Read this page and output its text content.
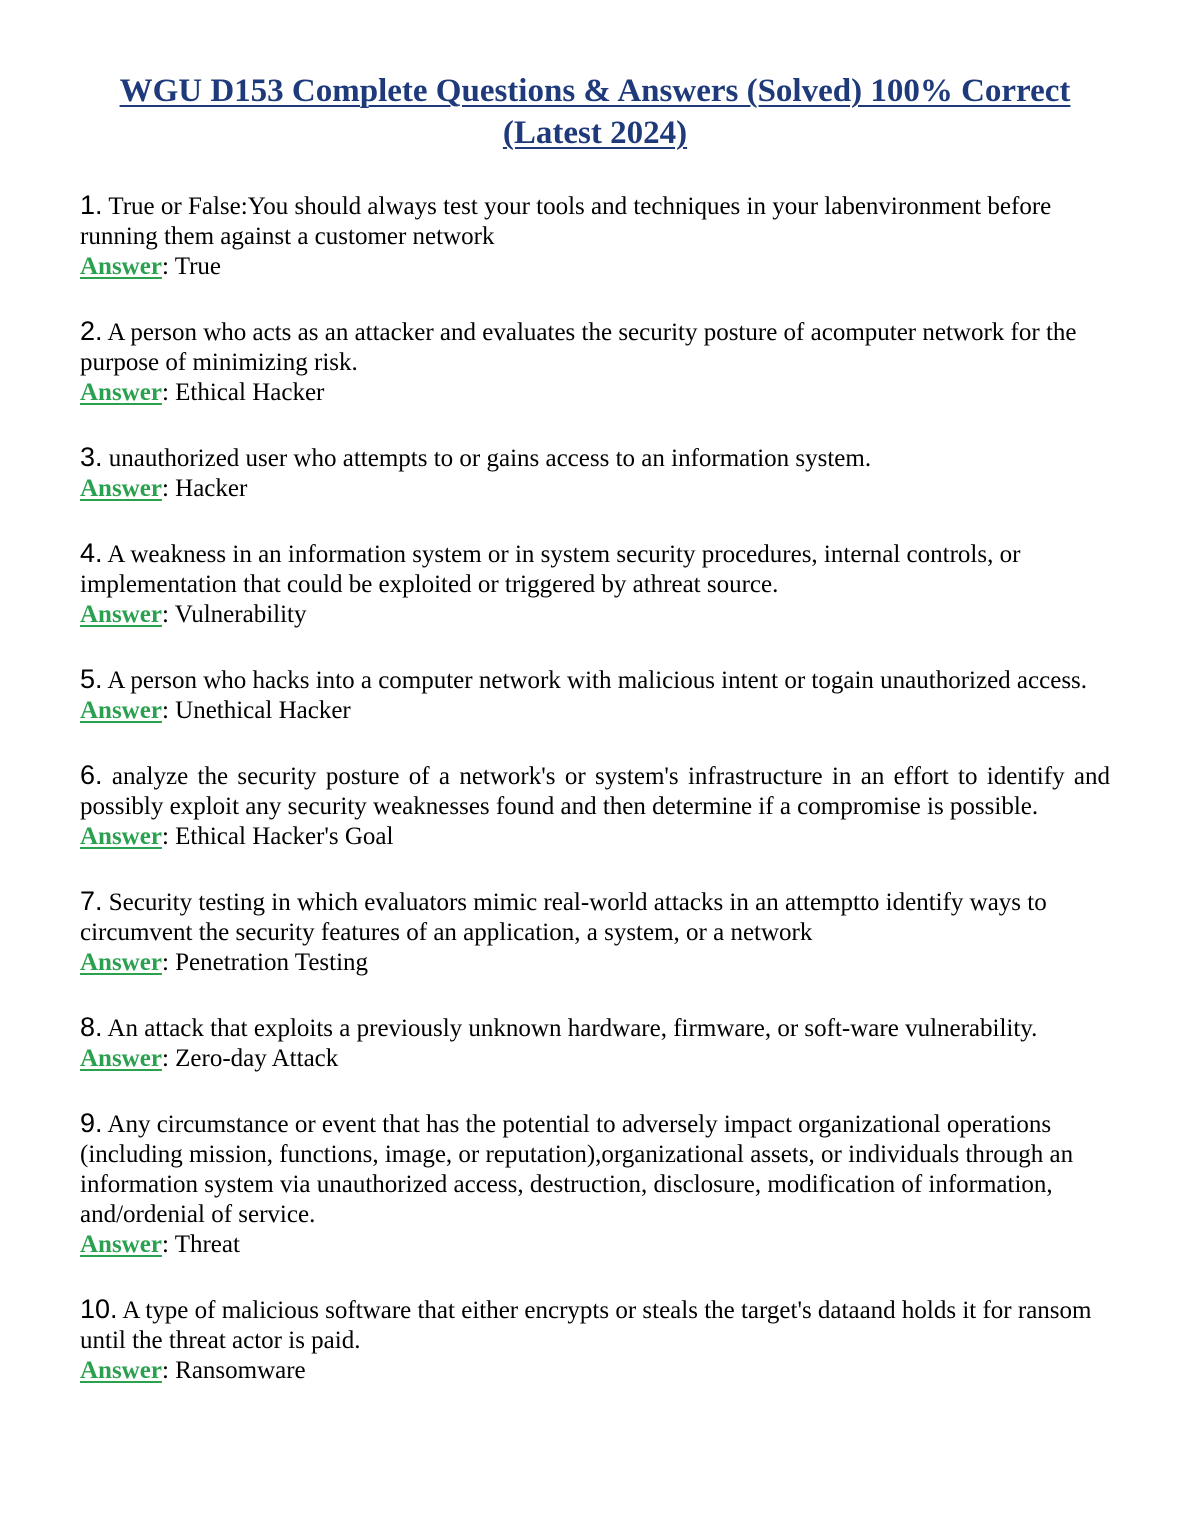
WGU D153 Complete Questions & Answers (Solved) 100% Correct
(Latest 2024)

1. True or False:You should always test your tools and techniques in your labenvironment before running them against a customer network

Answer: True

2. A person who acts as an attacker and evaluates the security posture of acomputer network for the purpose of minimizing risk.

Answer: Ethical Hacker

3. unauthorized user who attempts to or gains access to an information system.

Answer: Hacker

4. A weakness in an information system or in system security procedures, internal controls, or implementation that could be exploited or triggered by athreat source.

Answer: Vulnerability

5. A person who hacks into a computer network with malicious intent or togain unauthorized access.

Answer: Unethical Hacker

6. analyze the security posture of a network's or system's infrastructure in an effort to identify and possibly exploit any security weaknesses found and then determine if a compromise is possible.

Answer: Ethical Hacker's Goal

7. Security testing in which evaluators mimic real-world attacks in an attemptto identify ways to circumvent the security features of an application, a system, or a network

Answer: Penetration Testing

8. An attack that exploits a previously unknown hardware, firmware, or soft-ware vulnerability.

Answer: Zero-day Attack

9. Any circumstance or event that has the potential to adversely impact organizational operations (including mission, functions, image, or reputation),organizational assets, or individuals through an information system via unauthorized access, destruction, disclosure, modification of information, and/ordenial of service.

Answer: Threat

10. A type of malicious software that either encrypts or steals the target's dataand holds it for ransom until the threat actor is paid.

Answer: Ransomware
